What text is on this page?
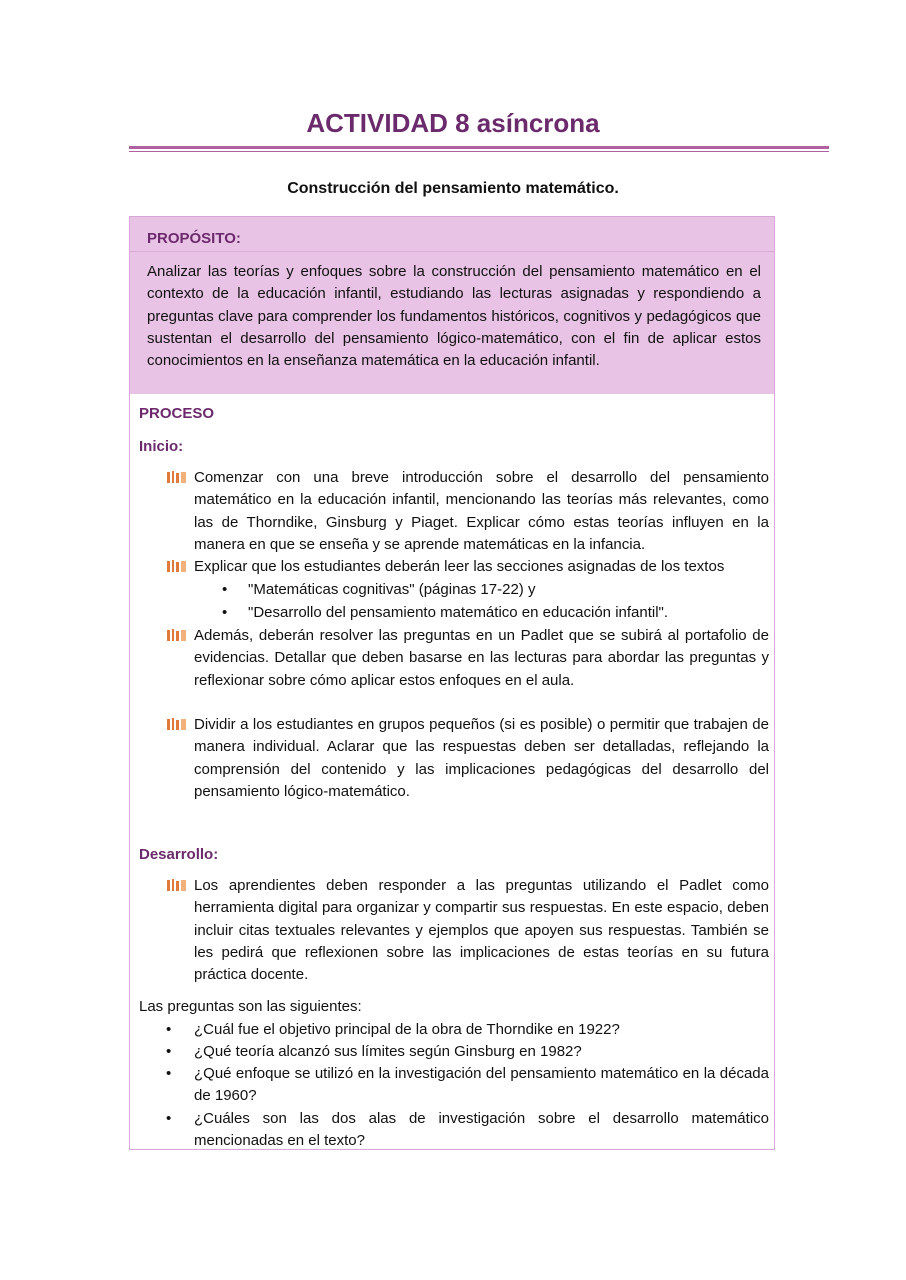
ACTIVIDAD 8 asíncrona
Construcción del pensamiento matemático.
PROPÓSITO:
Analizar las teorías y enfoques sobre la construcción del pensamiento matemático en el contexto de la educación infantil, estudiando las lecturas asignadas y respondiendo a preguntas clave para comprender los fundamentos históricos, cognitivos y pedagógicos que sustentan el desarrollo del pensamiento lógico-matemático, con el fin de aplicar estos conocimientos en la enseñanza matemática en la educación infantil.
PROCESO
Inicio:
Comenzar con una breve introducción sobre el desarrollo del pensamiento matemático en la educación infantil, mencionando las teorías más relevantes, como las de Thorndike, Ginsburg y Piaget. Explicar cómo estas teorías influyen en la manera en que se enseña y se aprende matemáticas en la infancia.
Explicar que los estudiantes deberán leer las secciones asignadas de los textos
• "Matemáticas cognitivas" (páginas 17-22) y
• "Desarrollo del pensamiento matemático en educación infantil".
Además, deberán resolver las preguntas en un Padlet que se subirá al portafolio de evidencias. Detallar que deben basarse en las lecturas para abordar las preguntas y reflexionar sobre cómo aplicar estos enfoques en el aula.
Dividir a los estudiantes en grupos pequeños (si es posible) o permitir que trabajen de manera individual. Aclarar que las respuestas deben ser detalladas, reflejando la comprensión del contenido y las implicaciones pedagógicas del desarrollo del pensamiento lógico-matemático.
Desarrollo:
Los aprendientes deben responder a las preguntas utilizando el Padlet como herramienta digital para organizar y compartir sus respuestas. En este espacio, deben incluir citas textuales relevantes y ejemplos que apoyen sus respuestas. También se les pedirá que reflexionen sobre las implicaciones de estas teorías en su futura práctica docente.
Las preguntas son las siguientes:
• ¿Cuál fue el objetivo principal de la obra de Thorndike en 1922?
• ¿Qué teoría alcanzó sus límites según Ginsburg en 1982?
• ¿Qué enfoque se utilizó en la investigación del pensamiento matemático en la década de 1960?
• ¿Cuáles son las dos alas de investigación sobre el desarrollo matemático mencionadas en el texto?
